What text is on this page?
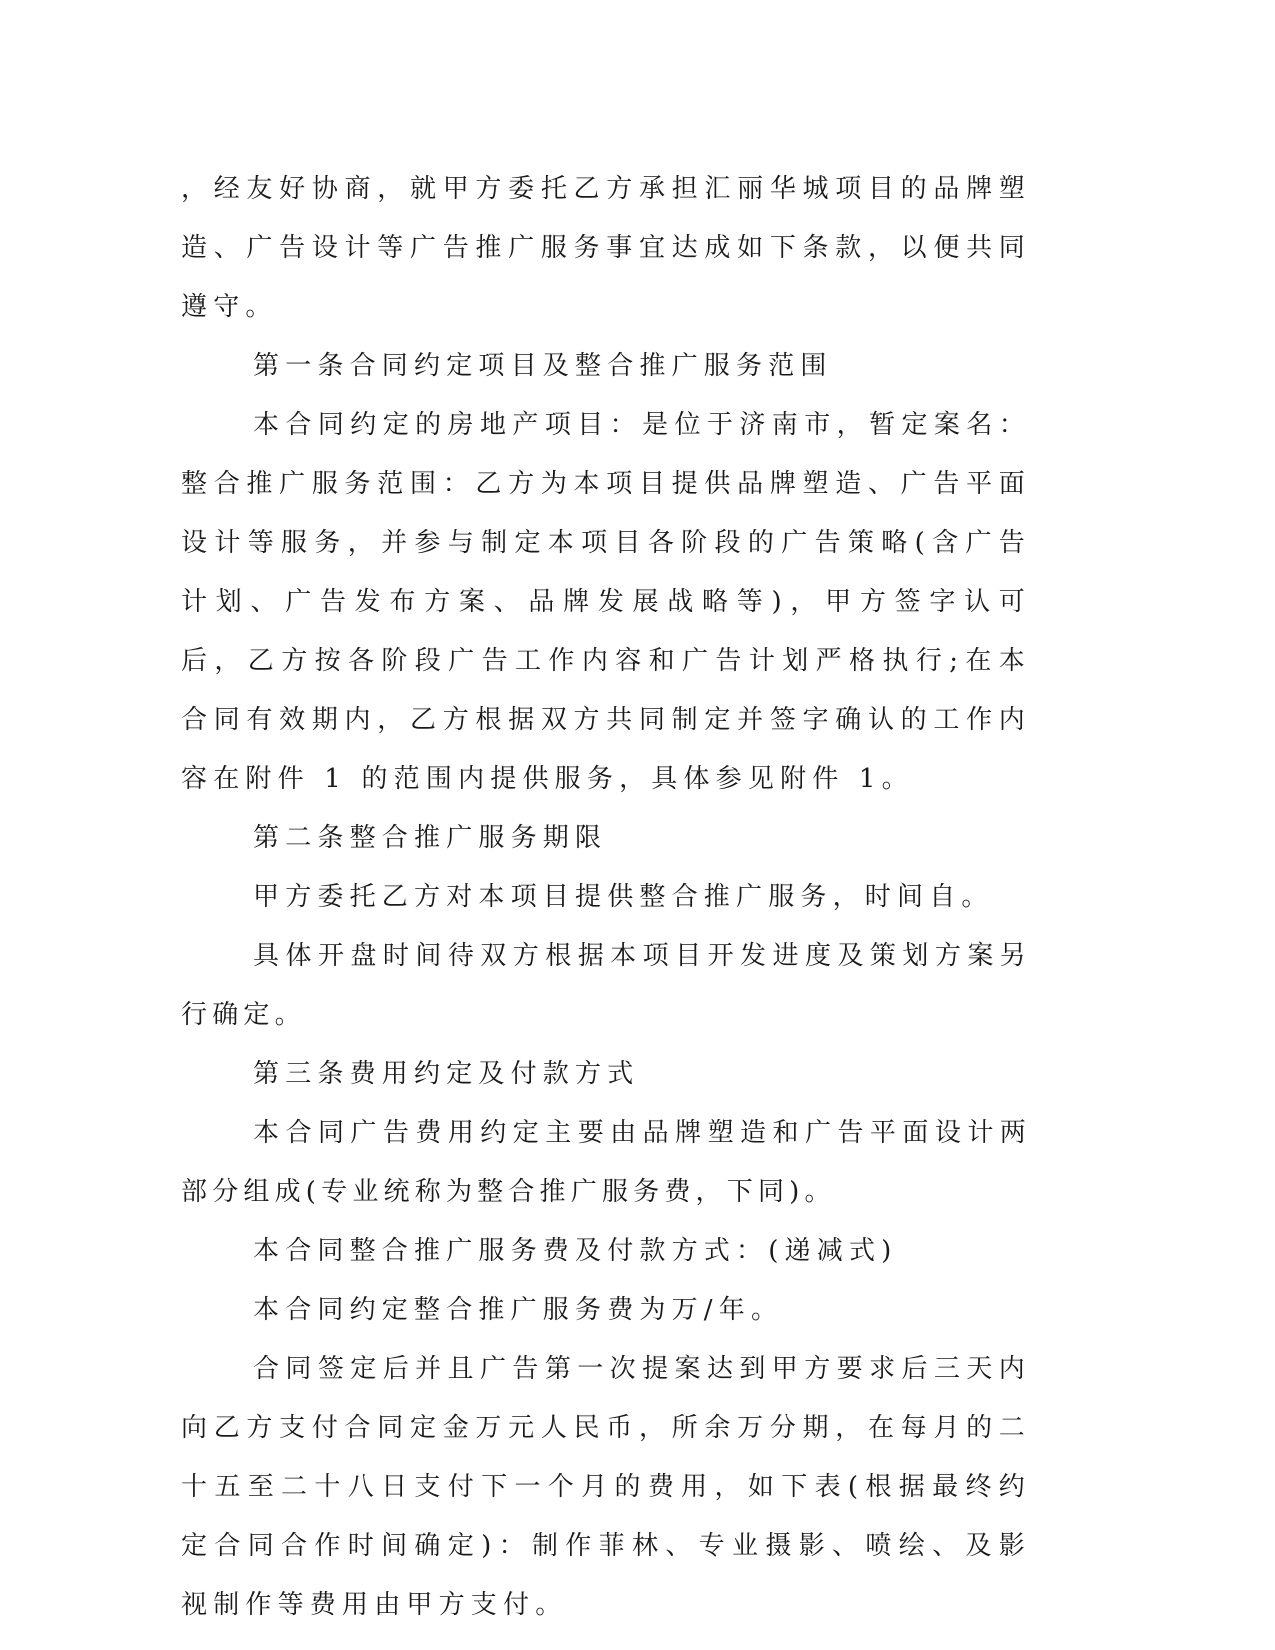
，经友好协商，就甲方委托乙方承担汇丽华城项目的品牌塑造、广告设计等广告推广服务事宜达成如下条款，以便共同遵守。

第一条合同约定项目及整合推广服务范围

本合同约定的房地产项目：是位于济南市，暂定案名：整合推广服务范围：乙方为本项目提供品牌塑造、广告平面设计等服务，并参与制定本项目各阶段的广告策略(含广告计划、广告发布方案、品牌发展战略等)，甲方签字认可后，乙方按各阶段广告工作内容和广告计划严格执行;在本合同有效期内，乙方根据双方共同制定并签字确认的工作内容在附件 1 的范围内提供服务，具体参见附件 1。

第二条整合推广服务期限

甲方委托乙方对本项目提供整合推广服务，时间自。

具体开盘时间待双方根据本项目开发进度及策划方案另行确定。

第三条费用约定及付款方式

本合同广告费用约定主要由品牌塑造和广告平面设计两部分组成(专业统称为整合推广服务费，下同)。

本合同整合推广服务费及付款方式：(递减式)

本合同约定整合推广服务费为万/年。

合同签定后并且广告第一次提案达到甲方要求后三天内向乙方支付合同定金万元人民币，所余万分期，在每月的二十五至二十八日支付下一个月的费用，如下表(根据最终约定合同合作时间确定)：制作菲林、专业摄影、喷绘、及影视制作等费用由甲方支付。
